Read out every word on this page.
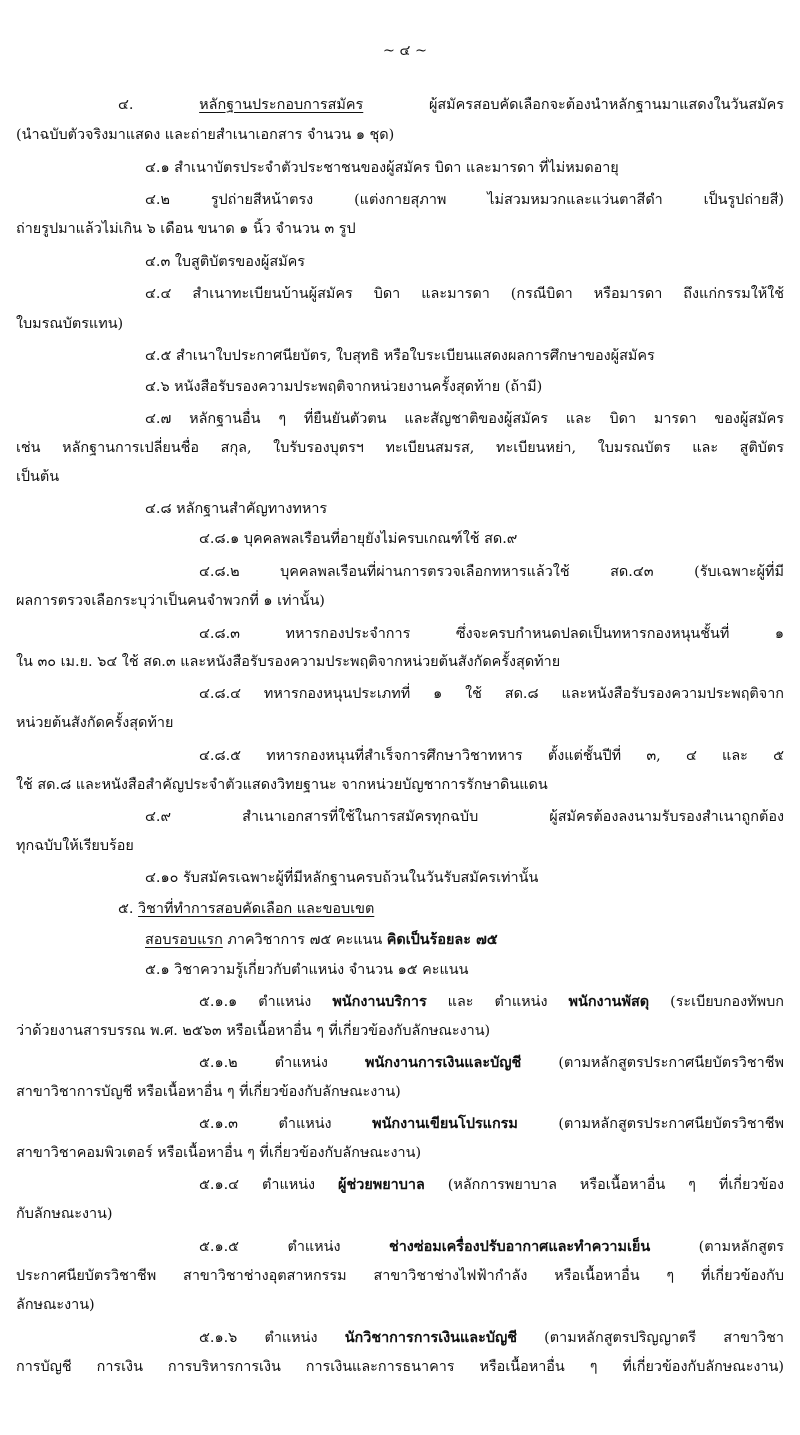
~ ๔ ~
๔. หลักฐานประกอบการสมัคร ผู้สมัครสอบคัดเลือกจะต้องนำหลักฐานมาแสดงในวันสมัคร
(นำฉบับตัวจริงมาแสดง และถ่ายสำเนาเอกสาร จำนวน ๑ ชุด)
๔.๑ สำเนาบัตรประจำตัวประชาชนของผู้สมัคร บิดา และมารดา ที่ไม่หมดอายุ
๔.๒ รูปถ่ายสีหน้าตรง (แต่งกายสุภาพ ไม่สวมหมวกและแว่นตาสีดำ เป็นรูปถ่ายสี)
ถ่ายรูปมาแล้วไม่เกิน ๖ เดือน ขนาด ๑ นิ้ว จำนวน ๓ รูป
๔.๓ ใบสูติบัตรของผู้สมัคร
๔.๔ สำเนาทะเบียนบ้านผู้สมัคร บิดา และมารดา (กรณีบิดา หรือมารดา ถึงแก่กรรมให้ใช้
ใบมรณบัตรแทน)
๔.๕ สำเนาใบประกาศนียบัตร, ใบสุทธิ หรือใบระเบียนแสดงผลการศึกษาของผู้สมัคร
๔.๖ หนังสือรับรองความประพฤติจากหน่วยงานครั้งสุดท้าย (ถ้ามี)
๔.๗ หลักฐานอื่น ๆ ที่ยืนยันตัวตน และสัญชาติของผู้สมัคร และ บิดา มารดา ของผู้สมัคร
เช่น หลักฐานการเปลี่ยนชื่อ สกุล, ใบรับรองบุตรฯ ทะเบียนสมรส, ทะเบียนหย่า, ใบมรณบัตร และ สูติบัตร
เป็นต้น
๔.๘ หลักฐานสำคัญทางทหาร
๔.๘.๑ บุคคลพลเรือนที่อายุยังไม่ครบเกณฑ์ใช้ สด.๙
๔.๘.๒ บุคคลพลเรือนที่ผ่านการตรวจเลือกทหารแล้วใช้ สด.๔๓ (รับเฉพาะผู้ที่มี
ผลการตรวจเลือกระบุว่าเป็นคนจำพวกที่ ๑ เท่านั้น)
๔.๘.๓ ทหารกองประจำการ ซึ่งจะครบกำหนดปลดเป็นทหารกองหนุนชั้นที่ ๑
ใน ๓๐ เม.ย. ๖๔ ใช้ สด.๓ และหนังสือรับรองความประพฤติจากหน่วยต้นสังกัดครั้งสุดท้าย
๔.๘.๔ ทหารกองหนุนประเภทที่ ๑ ใช้ สด.๘ และหนังสือรับรองความประพฤติจาก
หน่วยต้นสังกัดครั้งสุดท้าย
๔.๘.๕ ทหารกองหนุนที่สำเร็จการศึกษาวิชาทหาร ตั้งแต่ชั้นปีที่ ๓, ๔ และ ๕
ใช้ สด.๘ และหนังสือสำคัญประจำตัวแสดงวิทยฐานะ จากหน่วยบัญชาการรักษาดินแดน
๔.๙ สำเนาเอกสารที่ใช้ในการสมัครทุกฉบับ ผู้สมัครต้องลงนามรับรองสำเนาถูกต้อง
ทุกฉบับให้เรียบร้อย
๔.๑๐ รับสมัครเฉพาะผู้ที่มีหลักฐานครบถ้วนในวันรับสมัครเท่านั้น
๕. วิชาที่ทำการสอบคัดเลือก และขอบเขต
สอบรอบแรก ภาควิชาการ ๗๕ คะแนน คิดเป็นร้อยละ ๗๕
๕.๑ วิชาความรู้เกี่ยวกับตำแหน่ง จำนวน ๑๕ คะแนน
๕.๑.๑ ตำแหน่ง พนักงานบริการ และ ตำแหน่ง พนักงานพัสดุ (ระเบียบกองทัพบก
ว่าด้วยงานสารบรรณ พ.ศ. ๒๕๖๓ หรือเนื้อหาอื่น ๆ ที่เกี่ยวข้องกับลักษณะงาน)
๕.๑.๒ ตำแหน่ง พนักงานการเงินและบัญชี (ตามหลักสูตรประกาศนียบัตรวิชาชีพ
สาขาวิชาการบัญชี หรือเนื้อหาอื่น ๆ ที่เกี่ยวข้องกับลักษณะงาน)
๕.๑.๓ ตำแหน่ง พนักงานเขียนโปรแกรม (ตามหลักสูตรประกาศนียบัตรวิชาชีพ
สาขาวิชาคอมพิวเตอร์ หรือเนื้อหาอื่น ๆ ที่เกี่ยวข้องกับลักษณะงาน)
๕.๑.๔ ตำแหน่ง ผู้ช่วยพยาบาล (หลักการพยาบาล หรือเนื้อหาอื่น ๆ ที่เกี่ยวข้อง
กับลักษณะงาน)
๕.๑.๕ ตำแหน่ง ช่างซ่อมเครื่องปรับอากาศและทำความเย็น (ตามหลักสูตร
ประกาศนียบัตรวิชาชีพ สาขาวิชาช่างอุตสาหกรรม สาขาวิชาช่างไฟฟ้ากำลัง หรือเนื้อหาอื่น ๆ ที่เกี่ยวข้องกับ
ลักษณะงาน)
๕.๑.๖ ตำแหน่ง นักวิชาการการเงินและบัญชี (ตามหลักสูตรปริญญาตรี สาขาวิชา
การบัญชี การเงิน การบริหารการเงิน การเงินและการธนาคาร หรือเนื้อหาอื่น ๆ ที่เกี่ยวข้องกับลักษณะงาน)
